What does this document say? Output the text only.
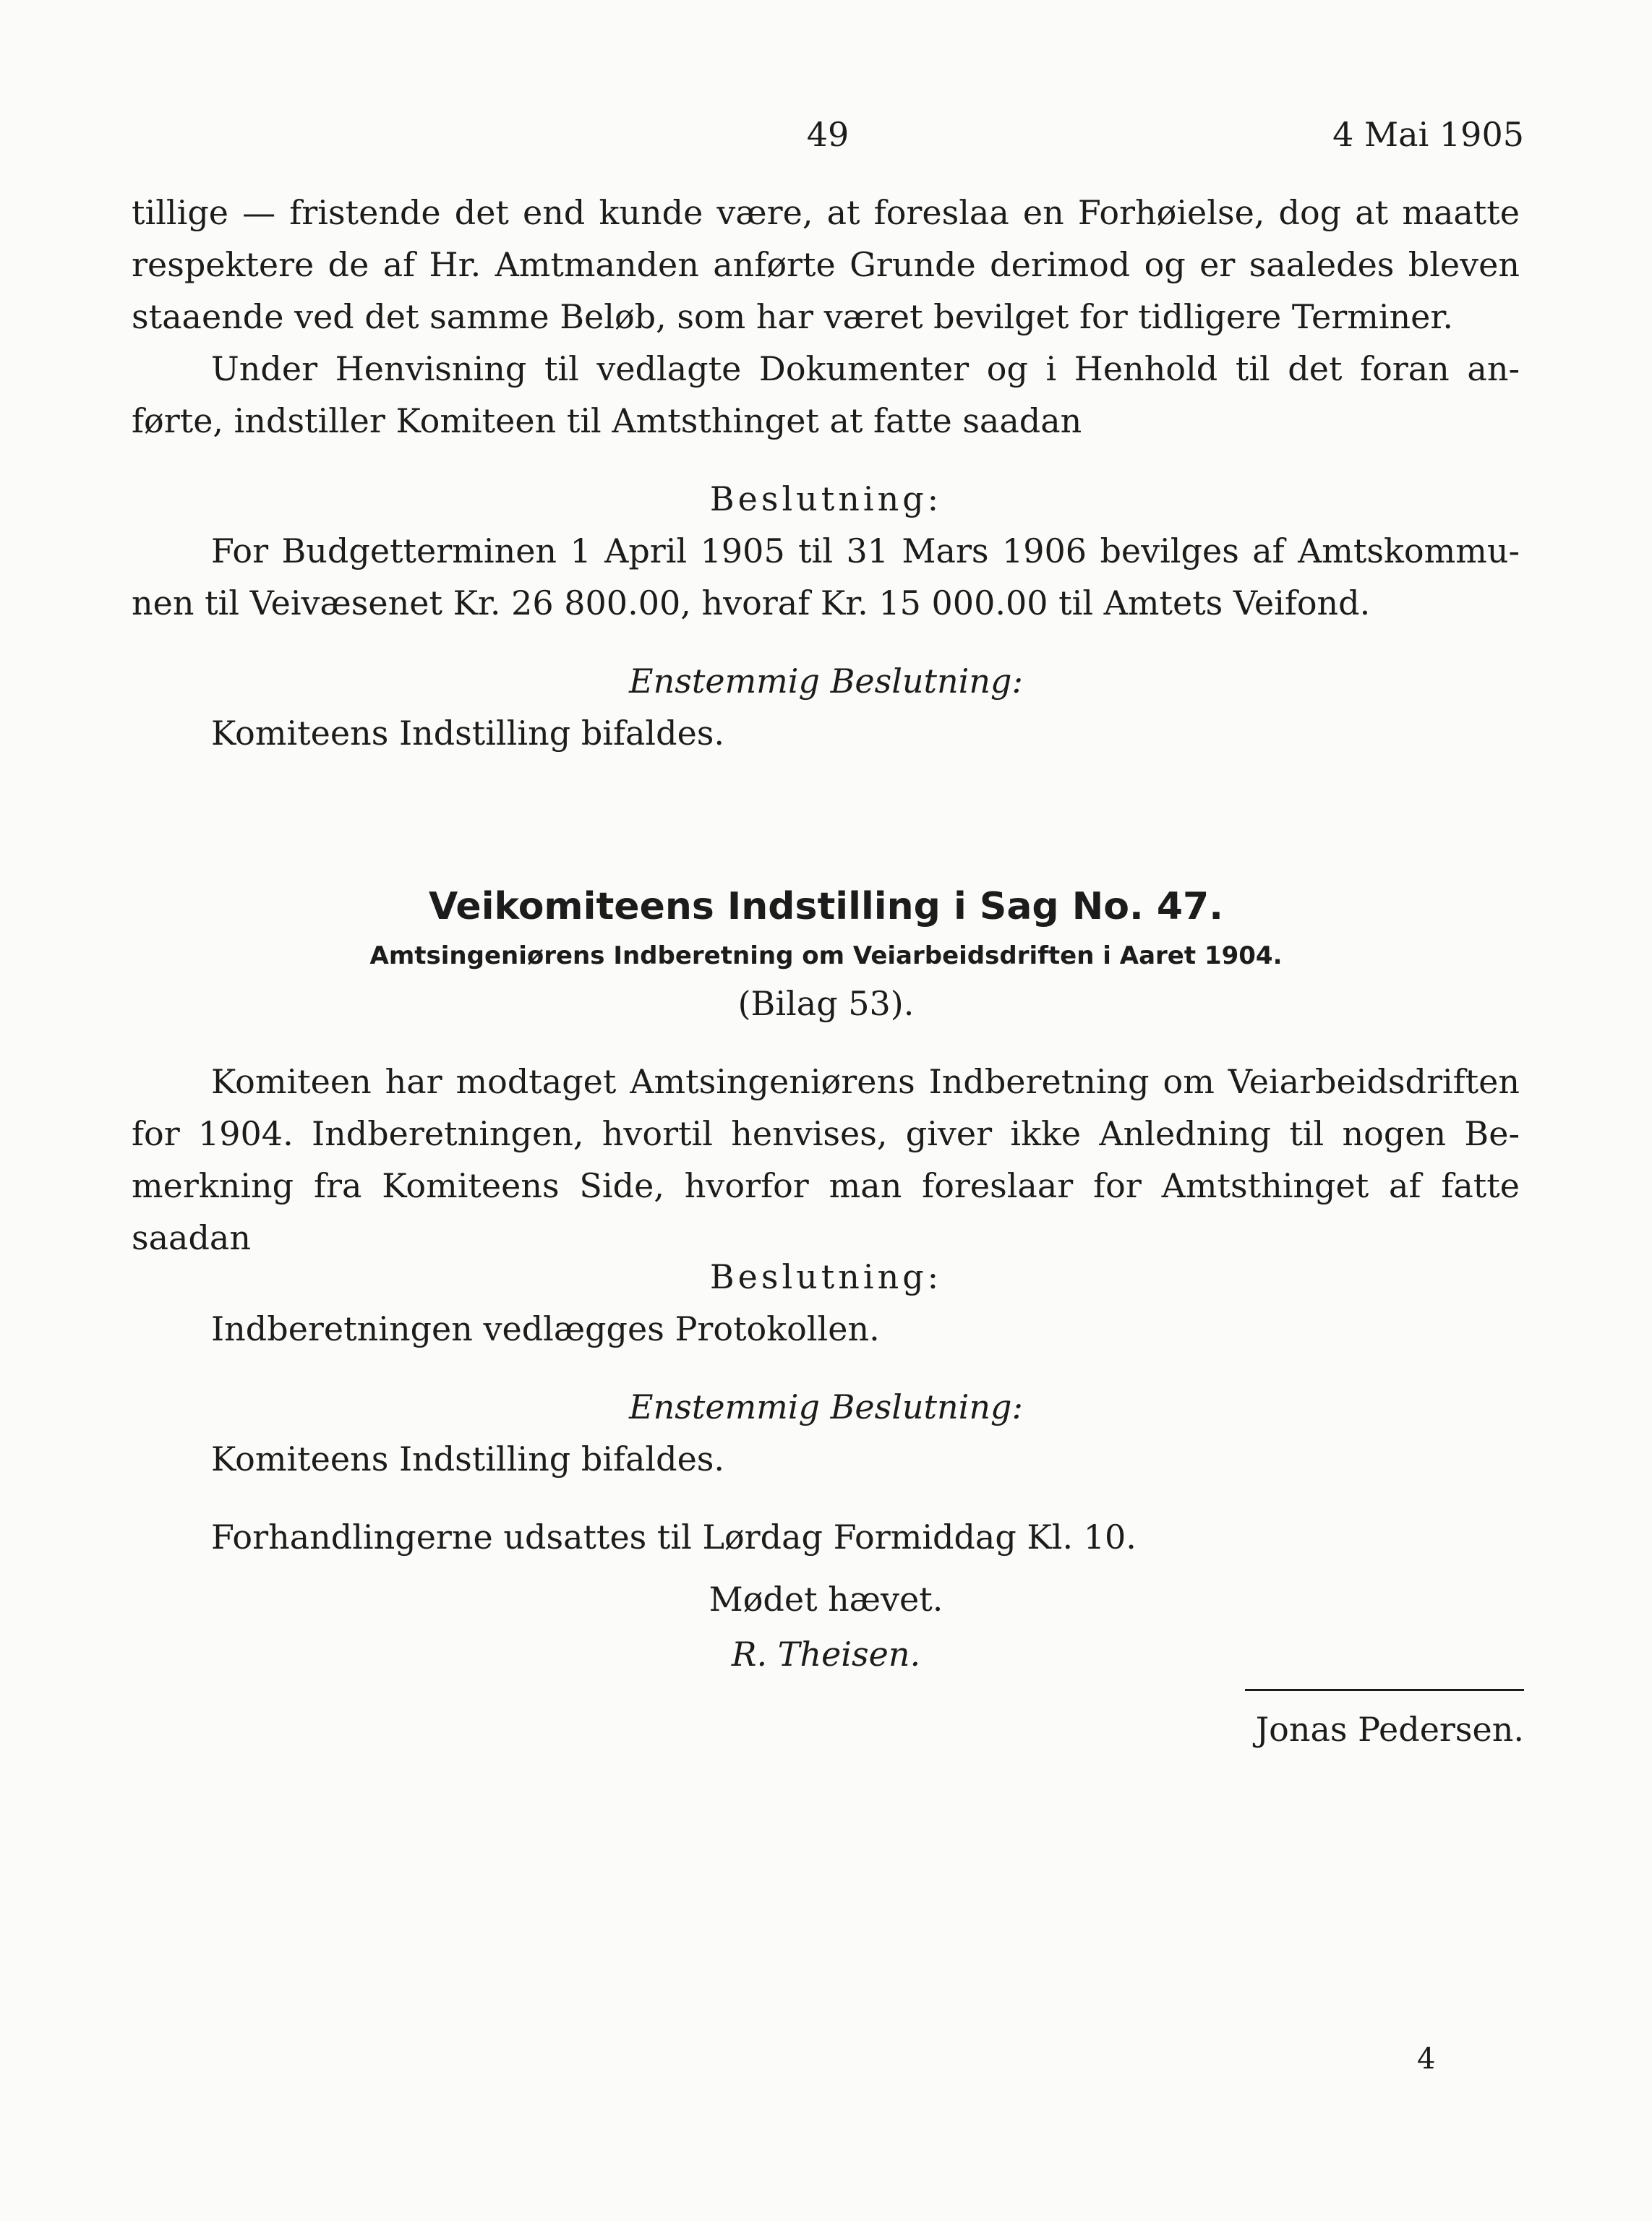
49	4 Mai 1905
tillige — fristende det end kunde være, at foreslaa en Forhøielse, dog at maatte
respektere de af Hr. Amtmanden anførte Grunde derimod og er saaledes bleven
staaende ved det samme Beløb, som har været bevilget for tidligere Terminer.
Under Henvisning til vedlagte Dokumenter og i Henhold til det foran an-
førte, indstiller Komiteen til Amtsthinget at fatte saadan
Beslutning:
For Budgetterminen 1 April 1905 til 31 Mars 1906 bevilges af Amtskommu-
nen til Veivæsenet Kr. 26 800.00, hvoraf Kr. 15 000.00 til Amtets Veifond.
Enstemmig Beslutning:
Komiteens Indstilling bifaldes.
Veikomiteens Indstilling i Sag No. 47.
Amtsingeniørens Indberetning om Veiarbeidsdriften i Aaret 1904.
(Bilag 53).
Komiteen har modtaget Amtsingeniørens Indberetning om Veiarbeidsdriften
for 1904. Indberetningen, hvortil henvises, giver ikke Anledning til nogen Be-
merkning fra Komiteens Side, hvorfor man foreslaar for Amtsthinget af fatte
saadan
Beslutning:
Indberetningen vedlægges Protokollen.
Enstemmig Beslutning:
Komiteens Indstilling bifaldes.
Forhandlingerne udsattes til Lørdag Formiddag Kl. 10.
Mødet hævet.
R. Theisen.
Jonas Pedersen.
4
